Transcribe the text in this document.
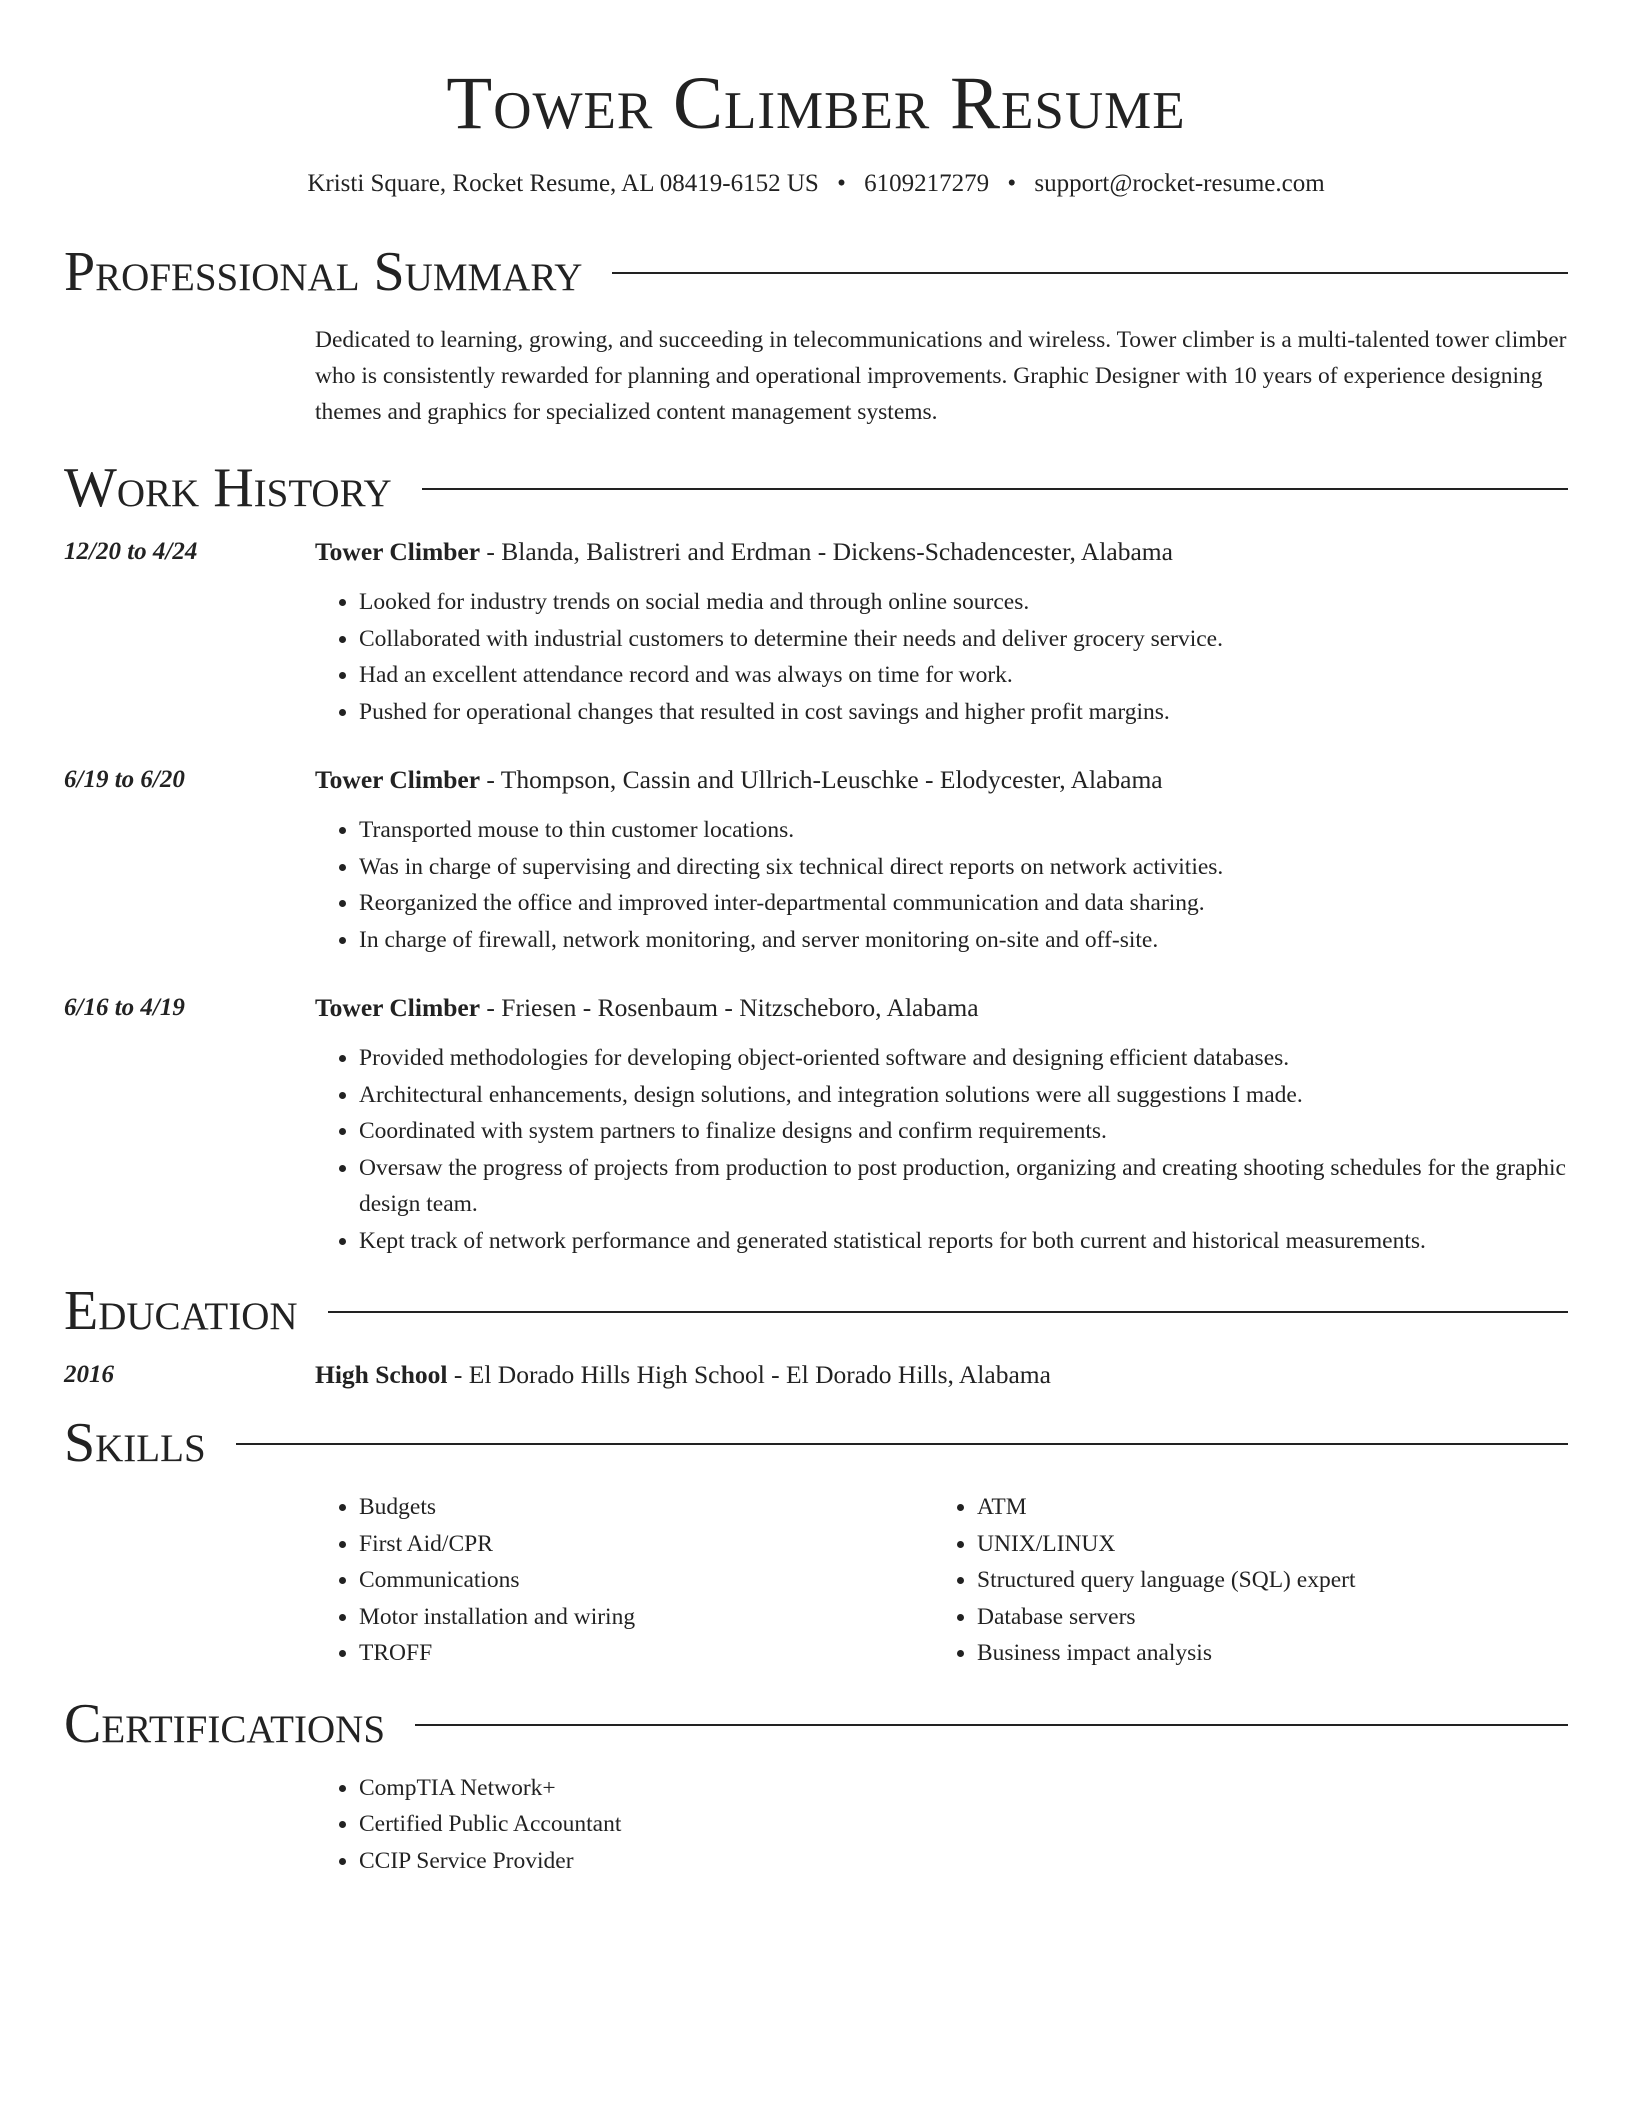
Tower Climber Resume
Kristi Square, Rocket Resume, AL 08419-6152 US • 6109217279 • support@rocket-resume.com
Professional Summary
Dedicated to learning, growing, and succeeding in telecommunications and wireless. Tower climber is a multi-talented tower climber who is consistently rewarded for planning and operational improvements. Graphic Designer with 10 years of experience designing themes and graphics for specialized content management systems.
Work History
12/20 to 4/24	Tower Climber - Blanda, Balistreri and Erdman - Dickens-Schadencester, Alabama
• Looked for industry trends on social media and through online sources.
• Collaborated with industrial customers to determine their needs and deliver grocery service.
• Had an excellent attendance record and was always on time for work.
• Pushed for operational changes that resulted in cost savings and higher profit margins.
6/19 to 6/20	Tower Climber - Thompson, Cassin and Ullrich-Leuschke - Elodycester, Alabama
• Transported mouse to thin customer locations.
• Was in charge of supervising and directing six technical direct reports on network activities.
• Reorganized the office and improved inter-departmental communication and data sharing.
• In charge of firewall, network monitoring, and server monitoring on-site and off-site.
6/16 to 4/19	Tower Climber - Friesen - Rosenbaum - Nitzscheboro, Alabama
• Provided methodologies for developing object-oriented software and designing efficient databases.
• Architectural enhancements, design solutions, and integration solutions were all suggestions I made.
• Coordinated with system partners to finalize designs and confirm requirements.
• Oversaw the progress of projects from production to post production, organizing and creating shooting schedules for the graphic design team.
• Kept track of network performance and generated statistical reports for both current and historical measurements.
Education
2016	High School - El Dorado Hills High School - El Dorado Hills, Alabama
Skills
• Budgets
• First Aid/CPR
• Communications
• Motor installation and wiring
• TROFF
• ATM
• UNIX/LINUX
• Structured query language (SQL) expert
• Database servers
• Business impact analysis
Certifications
• CompTIA Network+
• Certified Public Accountant
• CCIP Service Provider
